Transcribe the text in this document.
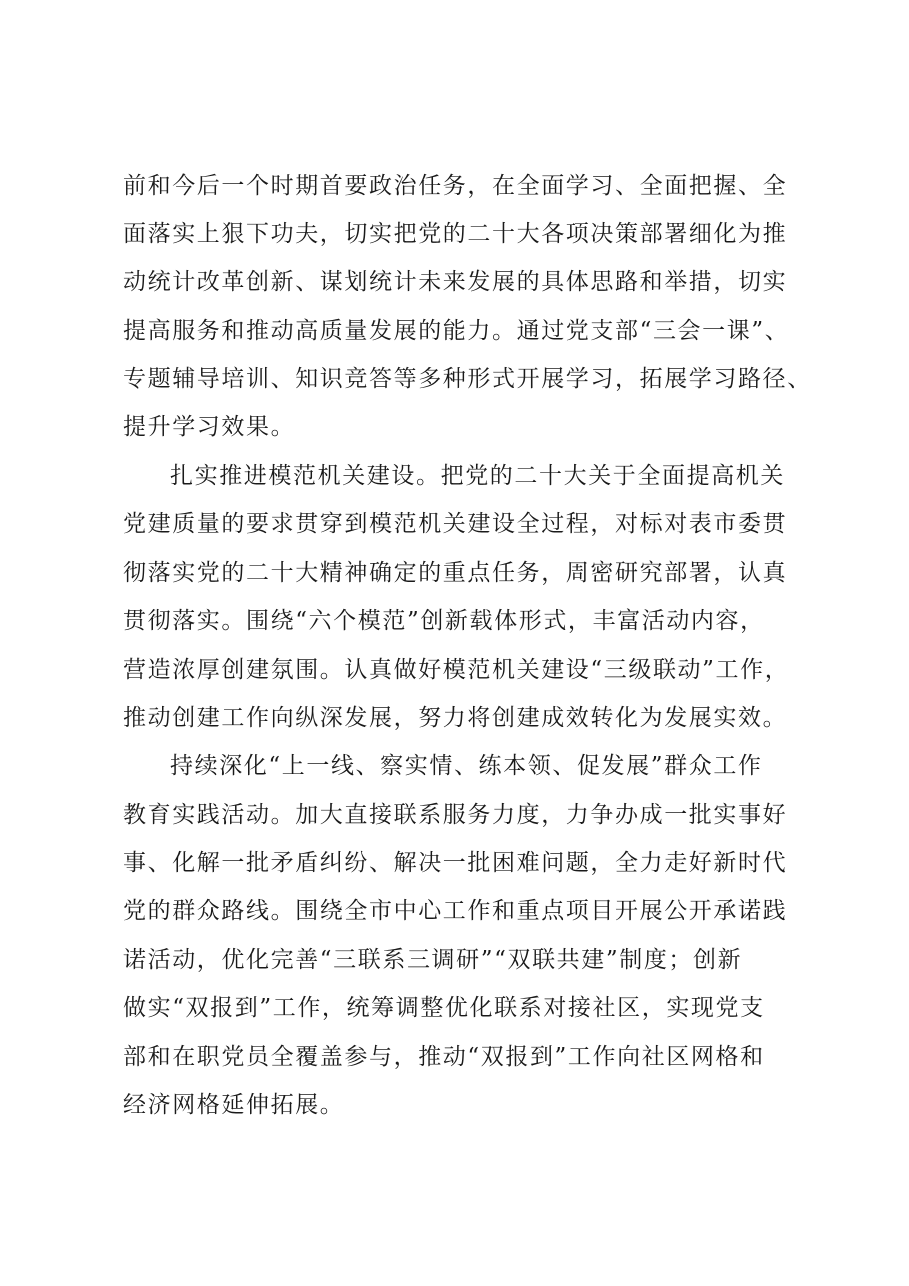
前和今后一个时期首要政治任务，在全面学习、全面把握、全
面落实上狠下功夫，切实把党的二十大各项决策部署细化为推
动统计改革创新、谋划统计未来发展的具体思路和举措，切实
提高服务和推动高质量发展的能力。通过党支部“三会一课”、
专题辅导培训、知识竞答等多种形式开展学习，拓展学习路径、
提升学习效果。
扎实推进模范机关建设。把党的二十大关于全面提高机关
党建质量的要求贯穿到模范机关建设全过程，对标对表市委贯
彻落实党的二十大精神确定的重点任务，周密研究部署，认真
贯彻落实。围绕“六个模范”创新载体形式，丰富活动内容，
营造浓厚创建氛围。认真做好模范机关建设“三级联动”工作，
推动创建工作向纵深发展，努力将创建成效转化为发展实效。
持续深化“上一线、察实情、练本领、促发展”群众工作
教育实践活动。加大直接联系服务力度，力争办成一批实事好
事、化解一批矛盾纠纷、解决一批困难问题，全力走好新时代
党的群众路线。围绕全市中心工作和重点项目开展公开承诺践
诺活动，优化完善“三联系三调研”“双联共建”制度；创新
做实“双报到”工作，统筹调整优化联系对接社区，实现党支
部和在职党员全覆盖参与，推动“双报到”工作向社区网格和
经济网格延伸拓展。
